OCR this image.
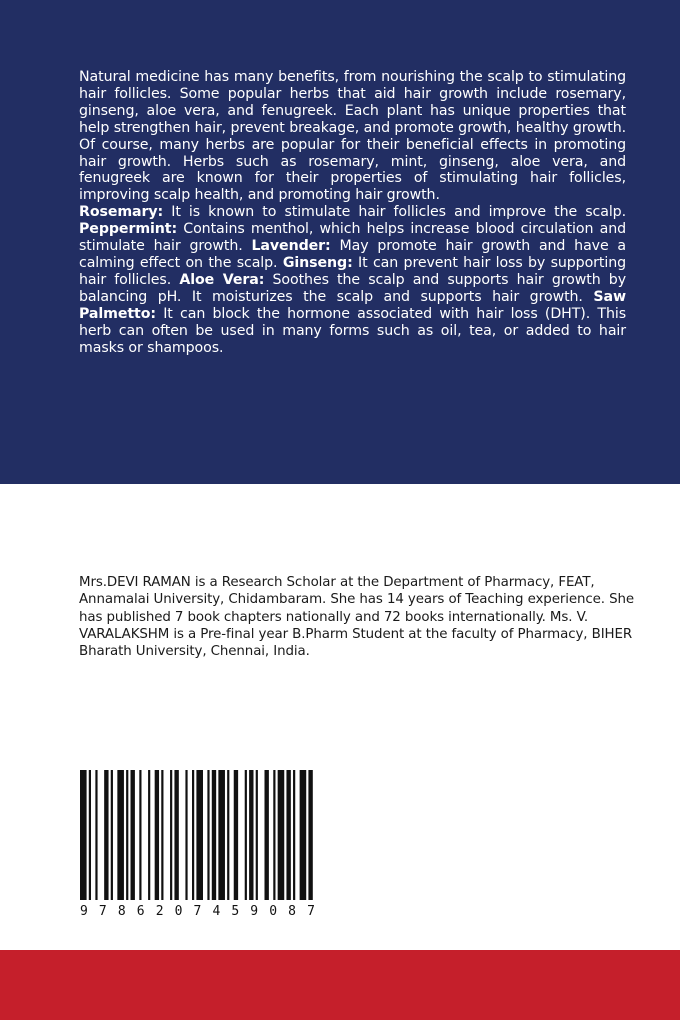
Natural medicine has many benefits, from nourishing the scalp to stimulating hair follicles. Some popular herbs that aid hair growth include rosemary, ginseng, aloe vera, and fenugreek. Each plant has unique properties that help strengthen hair, prevent breakage, and promote growth, healthy growth. Of course, many herbs are popular for their beneficial effects in promoting hair growth. Herbs such as rosemary, mint, ginseng, aloe vera, and fenugreek are known for their properties of stimulating hair follicles, improving scalp health, and promoting hair growth.

Rosemary: It is known to stimulate hair follicles and improve the scalp. Peppermint: Contains menthol, which helps increase blood circulation and stimulate hair growth. Lavender: May promote hair growth and have a calming effect on the scalp. Ginseng: It can prevent hair loss by supporting hair follicles. Aloe Vera: Soothes the scalp and supports hair growth by balancing pH. It moisturizes the scalp and supports hair growth. Saw Palmetto: It can block the hormone associated with hair loss (DHT). This herb can often be used in many forms such as oil, tea, or added to hair masks or shampoos.

Mrs.DEVI RAMAN is a Research Scholar at the Department of Pharmacy, FEAT, Annamalai University, Chidambaram. She has 14 years of Teaching experience. She has published 7 book chapters nationally and 72 books internationally. Ms. V. VARALAKSHM is a Pre-final year B.Pharm Student at the faculty of Pharmacy, BIHER Bharath University, Chennai, India.
9 7 8 6 2 0 7 4 5 9 0 8 7
